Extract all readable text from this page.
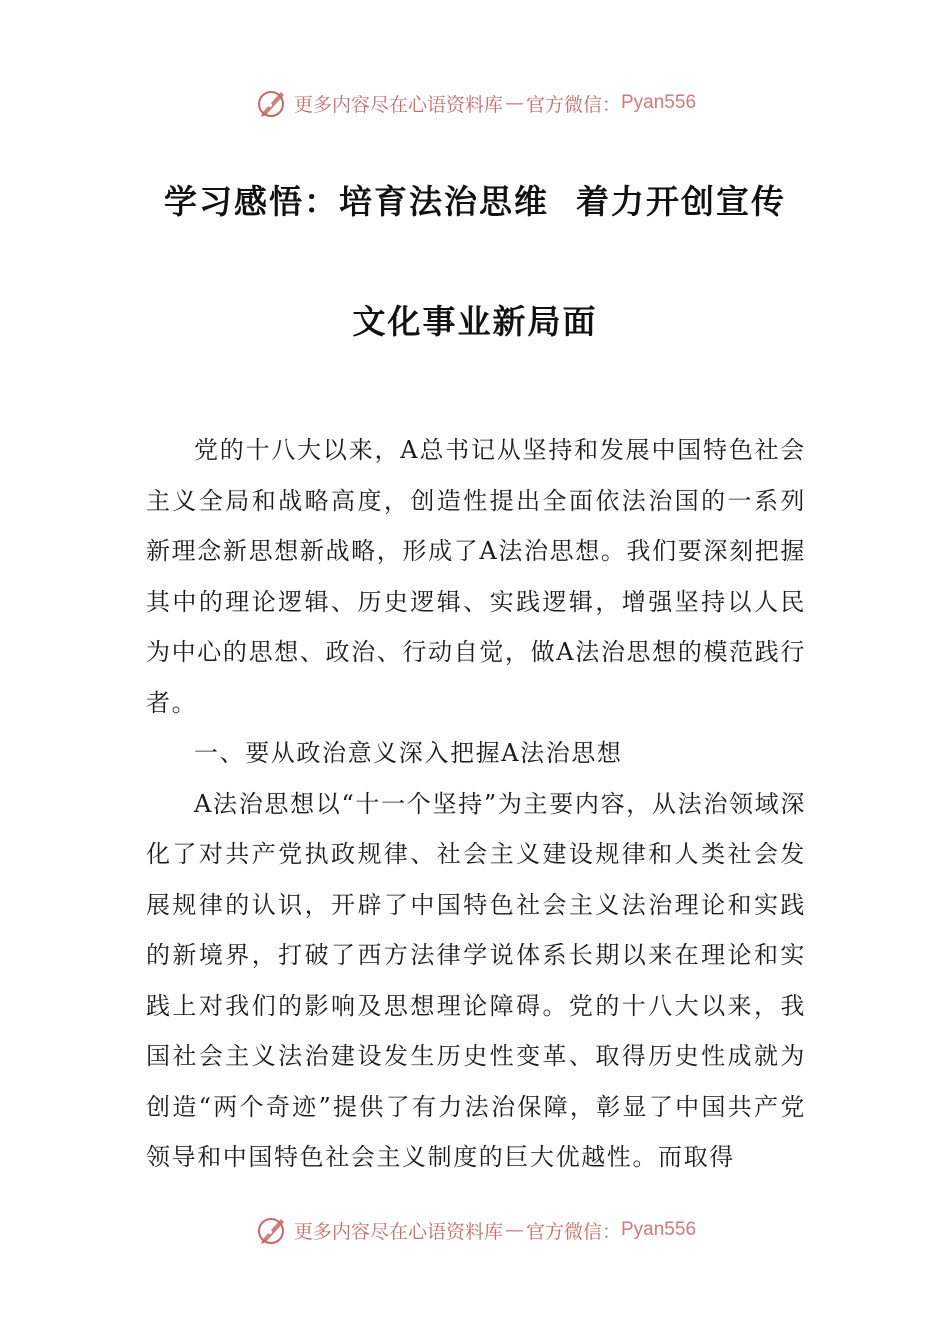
更多内容尽在心语资料库 — 官方微信： Pyan556
学习感悟：培育法治思维  着力开创宣传
文化事业新局面

党的十八大以来，A总书记从坚持和发展中国特色社会主义全局和战略高度，创造性提出全面依法治国的一系列新理念新思想新战略，形成了A法治思想。我们要深刻把握其中的理论逻辑、历史逻辑、实践逻辑，增强坚持以人民为中心的思想、政治、行动自觉，做A法治思想的模范践行者。

一、要从政治意义深入把握A法治思想

A法治思想以“十一个坚持”为主要内容，从法治领域深化了对共产党执政规律、社会主义建设规律和人类社会发展规律的认识，开辟了中国特色社会主义法治理论和实践的新境界，打破了西方法律学说体系长期以来在理论和实践上对我们的影响及思想理论障碍。党的十八大以来，我国社会主义法治建设发生历史性变革、取得历史性成就为创造“两个奇迹”提供了有力法治保障，彰显了中国共产党领导和中国特色社会主义制度的巨大优越性。而取得

更多内容尽在心语资料库 — 官方微信： Pyan556
